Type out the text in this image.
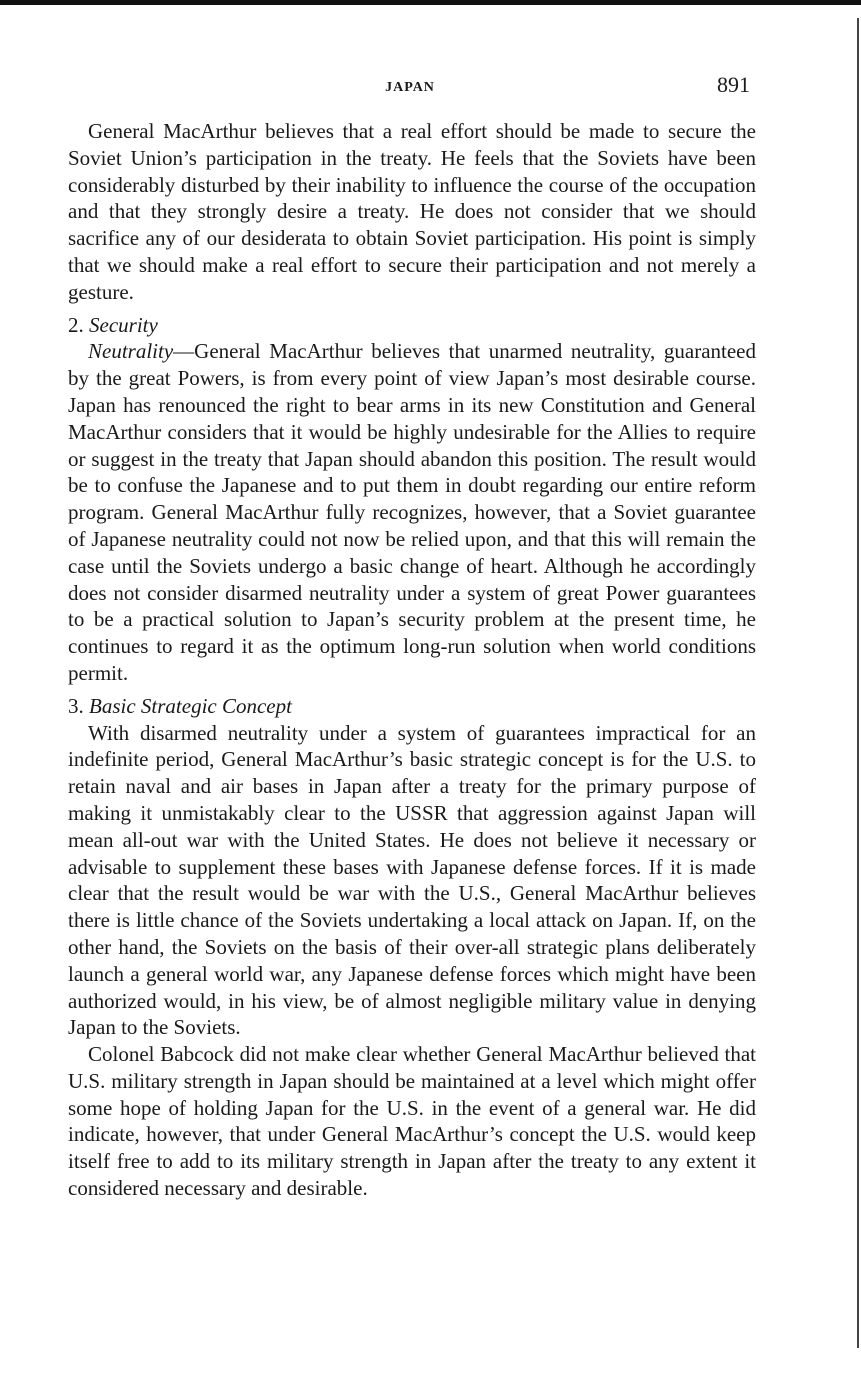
JAPAN	891

General MacArthur believes that a real effort should be made to secure the Soviet Union’s participation in the treaty. He feels that the Soviets have been considerably disturbed by their inability to influence the course of the occupation and that they strongly desire a treaty. He does not consider that we should sacrifice any of our desiderata to obtain Soviet participation. His point is simply that we should make a real effort to secure their participation and not merely a gesture.

2. Security

Neutrality—General MacArthur believes that unarmed neutrality, guaranteed by the great Powers, is from every point of view Japan’s most desirable course. Japan has renounced the right to bear arms in its new Constitution and General MacArthur considers that it would be highly undesirable for the Allies to require or suggest in the treaty that Japan should abandon this position. The result would be to confuse the Japanese and to put them in doubt regarding our entire reform program. General MacArthur fully recognizes, however, that a Soviet guarantee of Japanese neutrality could not now be relied upon, and that this will remain the case until the Soviets undergo a basic change of heart. Although he accordingly does not consider disarmed neutrality under a system of great Power guarantees to be a practical solution to Japan’s security problem at the present time, he continues to regard it as the optimum long-run solution when world conditions permit.

3. Basic Strategic Concept

With disarmed neutrality under a system of guarantees impractical for an indefinite period, General MacArthur’s basic strategic concept is for the U.S. to retain naval and air bases in Japan after a treaty for the primary purpose of making it unmistakably clear to the USSR that aggression against Japan will mean all-out war with the United States. He does not believe it necessary or advisable to supplement these bases with Japanese defense forces. If it is made clear that the result would be war with the U.S., General MacArthur believes there is little chance of the Soviets undertaking a local attack on Japan. If, on the other hand, the Soviets on the basis of their over-all strategic plans deliberately launch a general world war, any Japanese defense forces which might have been authorized would, in his view, be of almost negligible military value in denying Japan to the Soviets.

Colonel Babcock did not make clear whether General MacArthur believed that U.S. military strength in Japan should be maintained at a level which might offer some hope of holding Japan for the U.S. in the event of a general war. He did indicate, however, that under General MacArthur’s concept the U.S. would keep itself free to add to its military strength in Japan after the treaty to any extent it considered necessary and desirable.
